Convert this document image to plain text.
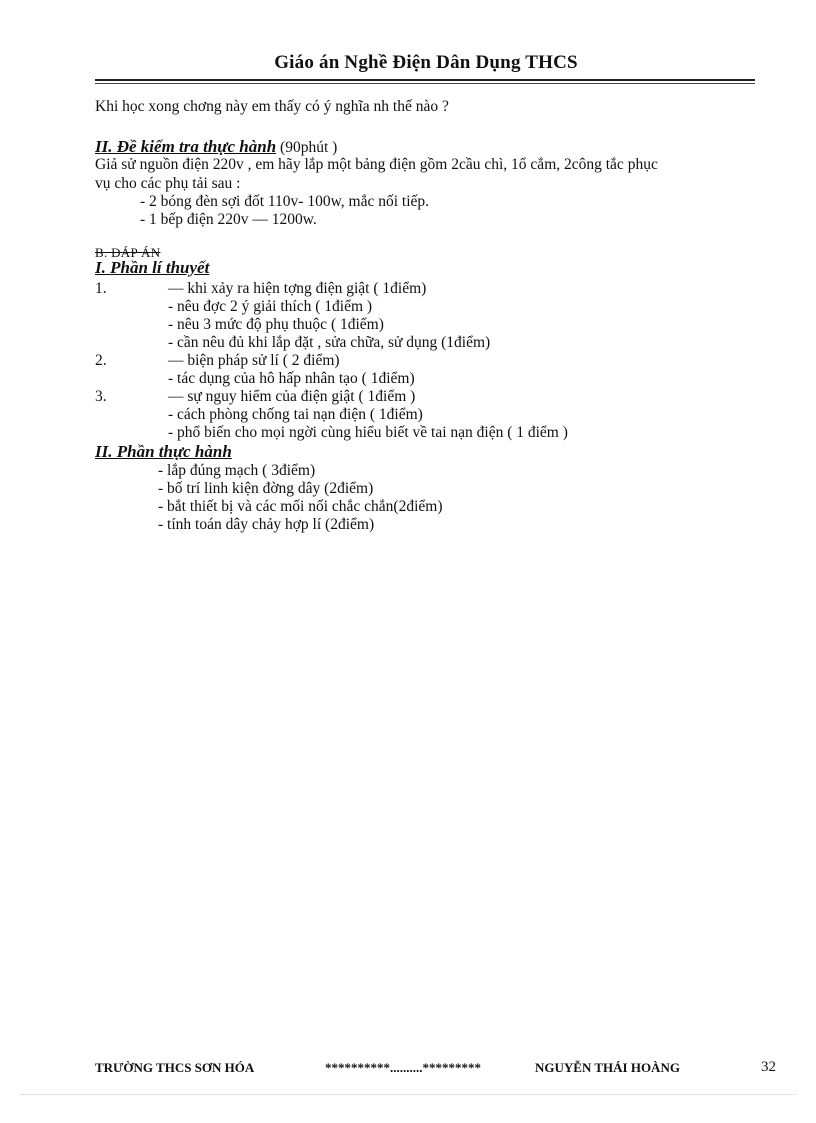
Giáo án Nghề Điện Dân Dụng THCS
Khi học xong chơng này em thấy có ý nghĩa nh thế nào ?
II. Đề kiểm tra thực hành (90phút )
Giả sử nguồn điện 220v , em hãy lắp một bảng điện gồm 2cầu chì, 1ổ cắm, 2công tắc phục
vụ cho các phụ tải sau :
- 2 bóng đèn sợi đốt 110v- 100w, mắc nối tiếp.
- 1 bếp điện 220v — 1200w.
B. ĐÁP ÁN
I. Phần lí thuyết
1.	— khi xảy ra hiện tợng điện giật ( 1điểm)
- nêu đợc 2 ý giải thích ( 1điểm )
- nêu 3 mức độ phụ thuộc ( 1điểm)
- cần nêu đủ khi lắp đặt , sửa chữa, sử dụng (1điểm)
2.	— biện pháp sử lí ( 2 điểm)
- tác dụng của hô hấp nhân tạo ( 1điểm)
3.	— sự nguy hiểm của điện giật ( 1điểm )
- cách phòng chống tai nạn điện ( 1điểm)
- phổ biến cho mọi ngời cùng hiểu biết về tai nạn điện ( 1 điểm )
II. Phần thực hành
- lắp đúng mạch ( 3điểm)
- bố trí linh kiện đờng dây (2điểm)
- bắt thiết bị và các mối nối chắc chắn(2điểm)
- tính toán dây chảy hợp lí (2điểm)
TRƯỜNG THCS SƠN HÓA	**********..........*********	NGUYỄN THÁI HOÀNG	32
